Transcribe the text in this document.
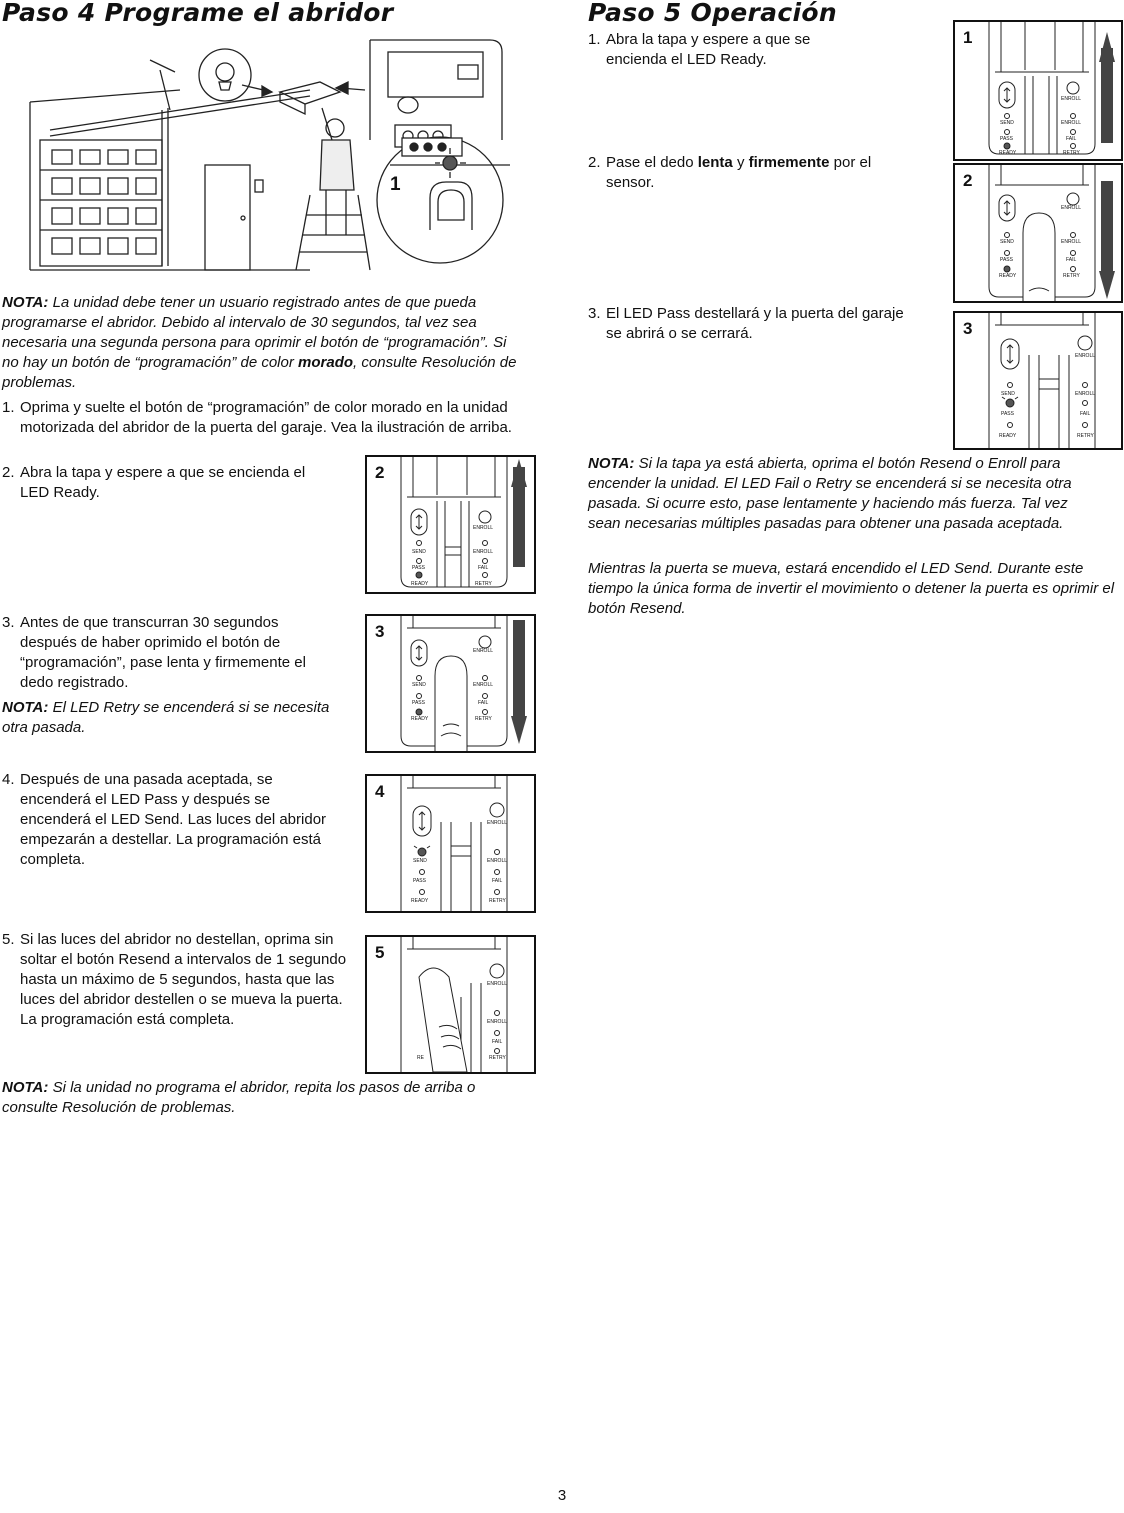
Paso 4 Programe el abridor
1

NOTA: La unidad debe tener un usuario registrado antes de que pueda programarse el abridor. Debido al intervalo de 30 segundos, tal vez sea necesaria una segunda persona para oprimir el botón de “programación”. Si no hay un botón de “programación” de color morado, consulte Resolución de problemas.

1. Oprima y suelte el botón de “programación” de color morado en la unidad motorizada del abridor de la puerta del garaje. Vea la ilustración de arriba.
2. Abra la tapa y espere a que se encienda el LED Ready.
3. Antes de que transcurran 30 segundos después de haber oprimido el botón de “programación”, pase lenta y firmemente el dedo registrado.

NOTA: El LED Retry se encenderá si se necesita otra pasada.

4. Después de una pasada aceptada, se encenderá el LED Pass y después se encenderá el LED Send. Las luces del abridor empezarán a destellar. La programación está completa.
5. Si las luces del abridor no destellan, oprima sin soltar el botón Resend a intervalos de 1 segundo hasta un máximo de 5 segundos, hasta que las luces del abridor destellen o se mueva la puerta. La programación está completa.

NOTA: Si la unidad no programa el abridor, repita los pasos de arriba o consulte Resolución de problemas.

2
ENROLL
SEND	ENROLL
PASS	FAIL
READY	RETRY
3
ENROLL
SEND	ENROLL
PASS	FAIL
READY	RETRY
4
ENROLL
SEND	ENROLL
PASS	FAIL
READY	RETRY
5
ENROLL
ENROLL
FAIL
RETRY
RE
Paso 5 Operación
1. Abra la tapa y espere a que se encienda el LED Ready.
2. Pase el dedo lenta y firmemente por el sensor.
3. El LED Pass destellará y la puerta del garaje se abrirá o se cerrará.

NOTA: Si la tapa ya está abierta, oprima el botón Resend o Enroll para encender la unidad. El LED Fail o Retry se encenderá si se necesita otra pasada. Si ocurre esto, pase lentamente y haciendo más fuerza. Tal vez sean necesarias múltiples pasadas para obtener una pasada aceptada.

Mientras la puerta se mueva, estará encendido el LED Send. Durante este tiempo la única forma de invertir el movimiento o detener la puerta es oprimir el botón Resend.

1
ENROLL
SEND	ENROLL
PASS	FAIL
READY	RETRY
2
ENROLL
SEND	ENROLL
PASS	FAIL
READY	RETRY
3
ENROLL
SEND	ENROLL
PASS	FAIL
READY	RETRY
3
